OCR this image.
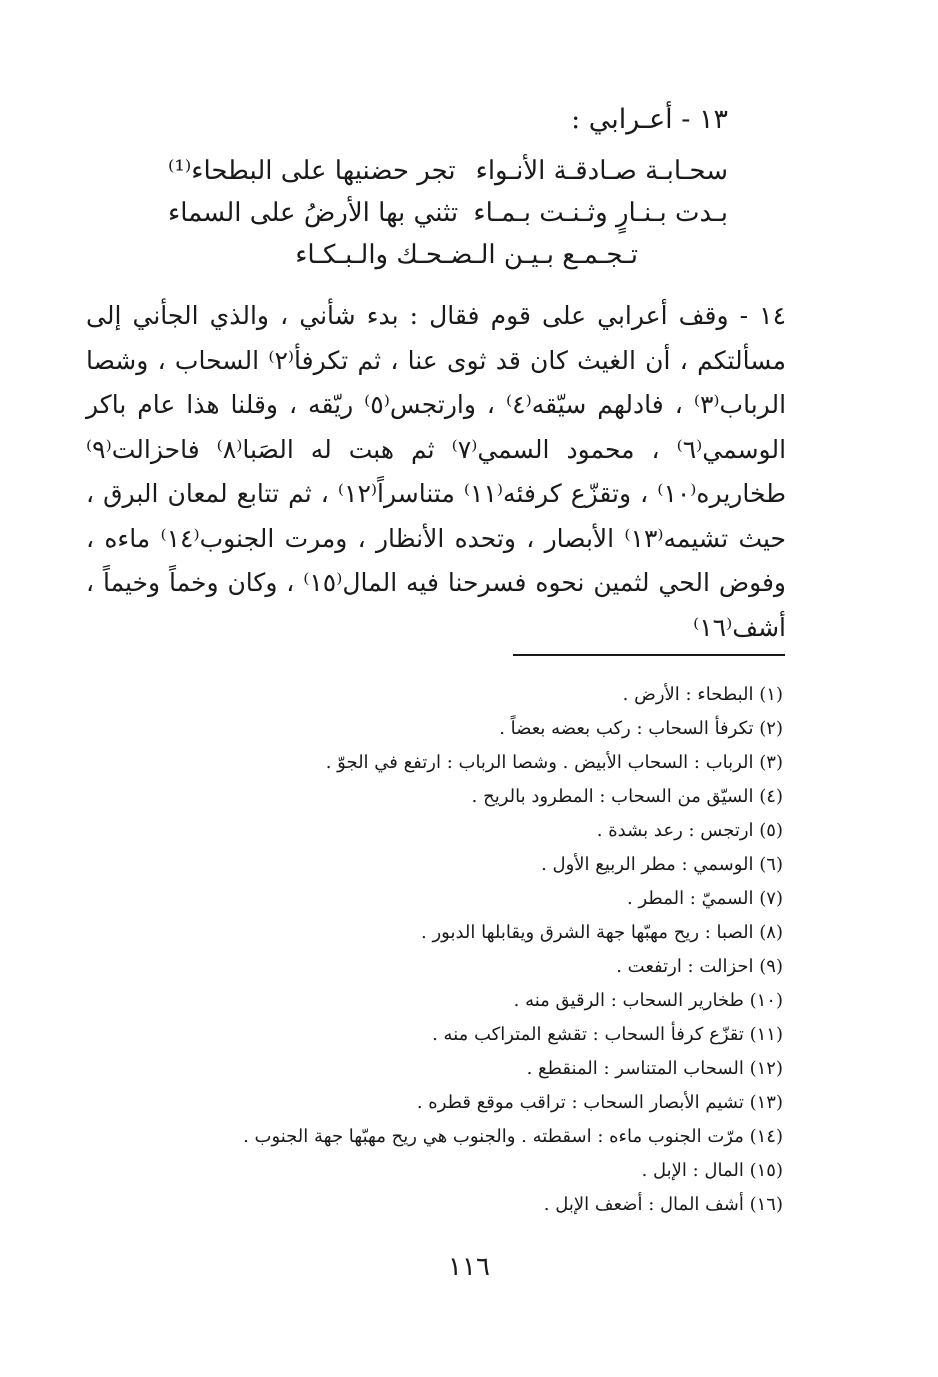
١٣ - أعـرابي :
سحـابـة صـادقـة الأنـواء
تجر حضنيها على البطحاء⁽¹⁾
بـدت بـنـارٍ وثـنـت بـمـاء
تثني بها الأرضُ على السماء
تـجـمـع بـيـن الـضـحـك والـبـكـاء
١٤ - وقف أعرابي على قوم فقال : بدء شأني ، والذي الجأني إلى مسألتكم ، أن الغيث كان قد ثوى عنا ، ثم تكرفأ⁽٢⁾ السحاب ، وشصا الرباب⁽٣⁾ ، فادلهم سيّقه⁽٤⁾ ، وارتجس⁽٥⁾ ريّقه ، وقلنا هذا عام باكر الوسمي⁽٦⁾ ، محمود السمي⁽٧⁾ ثم هبت له الصَبا⁽٨⁾ فاحزالت⁽٩⁾ طخاريره⁽١٠⁾ ، وتقزّع كرفئه⁽١١⁾ متناسراً⁽١٢⁾ ، ثم تتابع لمعان البرق ، حيث تشيمه⁽١٣⁾ الأبصار ، وتحده الأنظار ، ومرت الجنوب⁽١٤⁾ ماءه ، وفوض الحي لثمين نحوه فسرحنا فيه المال⁽١٥⁾ ، وكان وخماً وخيماً ، أشف⁽١٦⁾
(١) البطحاء : الأرض .
(٢) تكرفأ السحاب : ركب بعضه بعضاً .
(٣) الرباب : السحاب الأبيض . وشصا الرباب : ارتفع في الجوّ .
(٤) السيّق من السحاب : المطرود بالريح .
(٥) ارتجس : رعد بشدة .
(٦) الوسمي : مطر الربيع الأول .
(٧) السميّ : المطر .
(٨) الصبا : ريح مهبّها جهة الشرق ويقابلها الدبور .
(٩) احزالت : ارتفعت .
(١٠) طخارير السحاب : الرقيق منه .
(١١) تقزّع كرفأ السحاب : تقشع المتراكب منه .
(١٢) السحاب المتناسر : المنقطع .
(١٣) تشيم الأبصار السحاب : تراقب موقع قطره .
(١٤) مرّت الجنوب ماءه : اسقطته . والجنوب هي ريح مهبّها جهة الجنوب .
(١٥) المال : الإبل .
(١٦) أشف المال : أضعف الإبل .
١١٦
